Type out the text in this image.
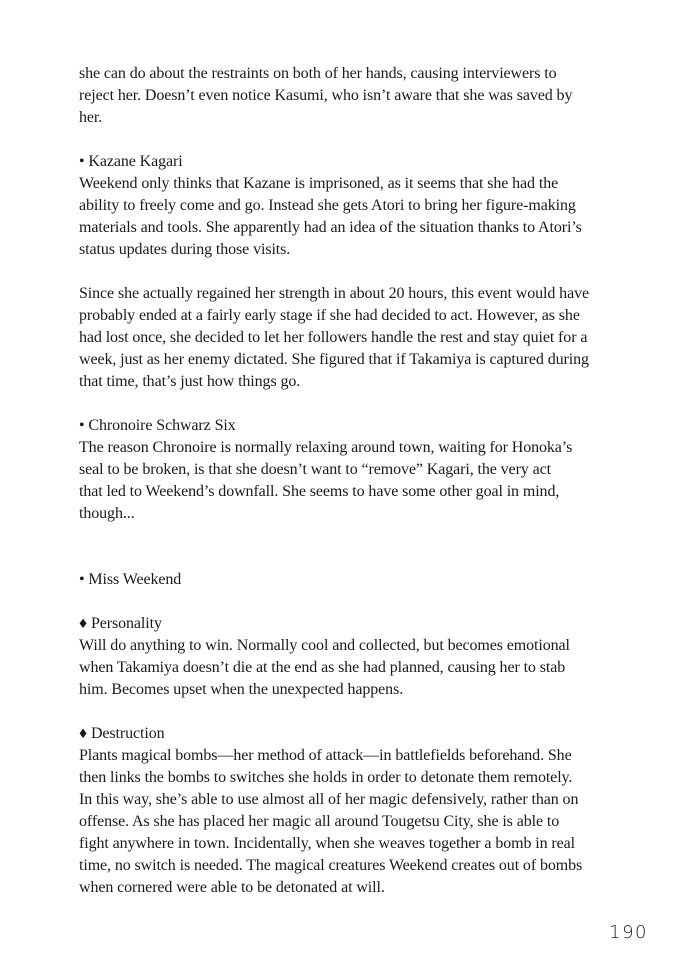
she can do about the restraints on both of her hands, causing interviewers to
reject her. Doesn’t even notice Kasumi, who isn’t aware that she was saved by
her.
• Kazane Kagari
Weekend only thinks that Kazane is imprisoned, as it seems that she had the
ability to freely come and go. Instead she gets Atori to bring her figure-making
materials and tools. She apparently had an idea of the situation thanks to Atori’s
status updates during those visits.
Since she actually regained her strength in about 20 hours, this event would have
probably ended at a fairly early stage if she had decided to act. However, as she
had lost once, she decided to let her followers handle the rest and stay quiet for a
week, just as her enemy dictated. She figured that if Takamiya is captured during
that time, that’s just how things go.
• Chronoire Schwarz Six
The reason Chronoire is normally relaxing around town, waiting for Honoka’s
seal to be broken, is that she doesn’t want to “remove” Kagari, the very act
that led to Weekend’s downfall. She seems to have some other goal in mind,
though...
• Miss Weekend
♦ Personality
Will do anything to win. Normally cool and collected, but becomes emotional
when Takamiya doesn’t die at the end as she had planned, causing her to stab
him. Becomes upset when the unexpected happens.
♦ Destruction
Plants magical bombs—her method of attack—in battlefields beforehand. She
then links the bombs to switches she holds in order to detonate them remotely.
In this way, she’s able to use almost all of her magic defensively, rather than on
offense. As she has placed her magic all around Tougetsu City, she is able to
fight anywhere in town. Incidentally, when she weaves together a bomb in real
time, no switch is needed. The magical creatures Weekend creates out of bombs
when cornered were able to be detonated at will.
190
